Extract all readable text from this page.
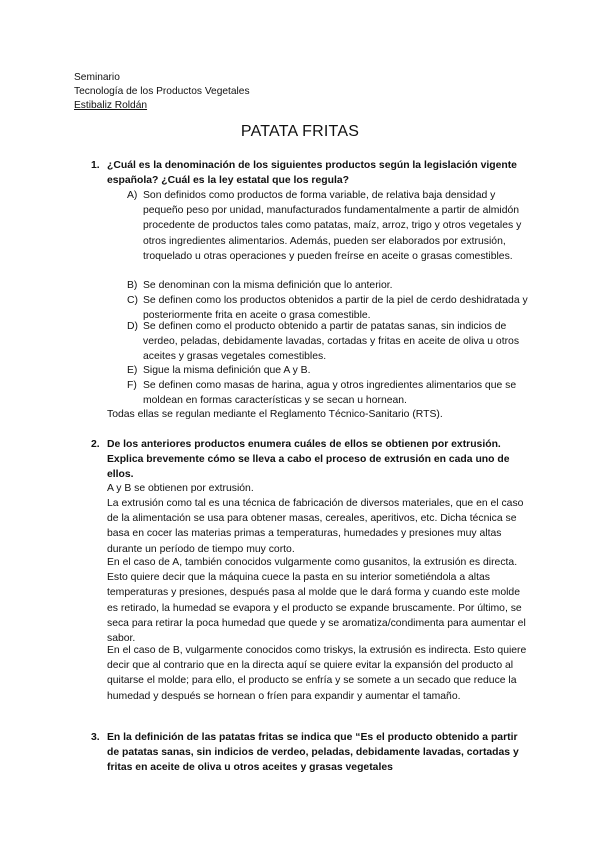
Seminario
Tecnología de los Productos Vegetales
Estibaliz Roldán
PATATA FRITAS
1. ¿Cuál es la denominación de los siguientes productos según la legislación vigente española? ¿Cuál es la ley estatal que los regula?
A) Son definidos como productos de forma variable, de relativa baja densidad y pequeño peso por unidad, manufacturados fundamentalmente a partir de almidón procedente de productos tales como patatas, maíz, arroz, trigo y otros vegetales y otros ingredientes alimentarios. Además, pueden ser elaborados por extrusión, troquelado u otras operaciones y pueden freírse en aceite o grasas comestibles.
B) Se denominan con la misma definición que lo anterior.
C) Se definen como los productos obtenidos a partir de la piel de cerdo deshidratada y posteriormente frita en aceite o grasa comestible.
D) Se definen como el producto obtenido a partir de patatas sanas, sin indicios de verdeo, peladas, debidamente lavadas, cortadas y fritas en aceite de oliva u otros aceites y grasas vegetales comestibles.
E) Sigue la misma definición que A y B.
F) Se definen como masas de harina, agua y otros ingredientes alimentarios que se moldean en formas características y se secan u hornean.
Todas ellas se regulan mediante el Reglamento Técnico-Sanitario (RTS).
2. De los anteriores productos enumera cuáles de ellos se obtienen por extrusión. Explica brevemente cómo se lleva a cabo el proceso de extrusión en cada uno de ellos.
A y B se obtienen por extrusión.
La extrusión como tal es una técnica de fabricación de diversos materiales, que en el caso de la alimentación se usa para obtener masas, cereales, aperitivos, etc. Dicha técnica se basa en cocer las materias primas a temperaturas, humedades y presiones muy altas durante un período de tiempo muy corto.
En el caso de A, también conocidos vulgarmente como gusanitos, la extrusión es directa. Esto quiere decir que la máquina cuece la pasta en su interior sometiéndola a altas temperaturas y presiones, después pasa al molde que le dará forma y cuando este molde es retirado, la humedad se evapora y el producto se expande bruscamente. Por último, se seca para retirar la poca humedad que quede y se aromatiza/condimenta para aumentar el sabor.
En el caso de B, vulgarmente conocidos como triskys, la extrusión es indirecta. Esto quiere decir que al contrario que en la directa aquí se quiere evitar la expansión del producto al quitarse el molde; para ello, el producto se enfría y se somete a un secado que reduce la humedad y después se hornean o fríen para expandir y aumentar el tamaño.
3. En la definición de las patatas fritas se indica que “Es el producto obtenido a partir de patatas sanas, sin indicios de verdeo, peladas, debidamente lavadas, cortadas y fritas en aceite de oliva u otros aceites y grasas vegetales
